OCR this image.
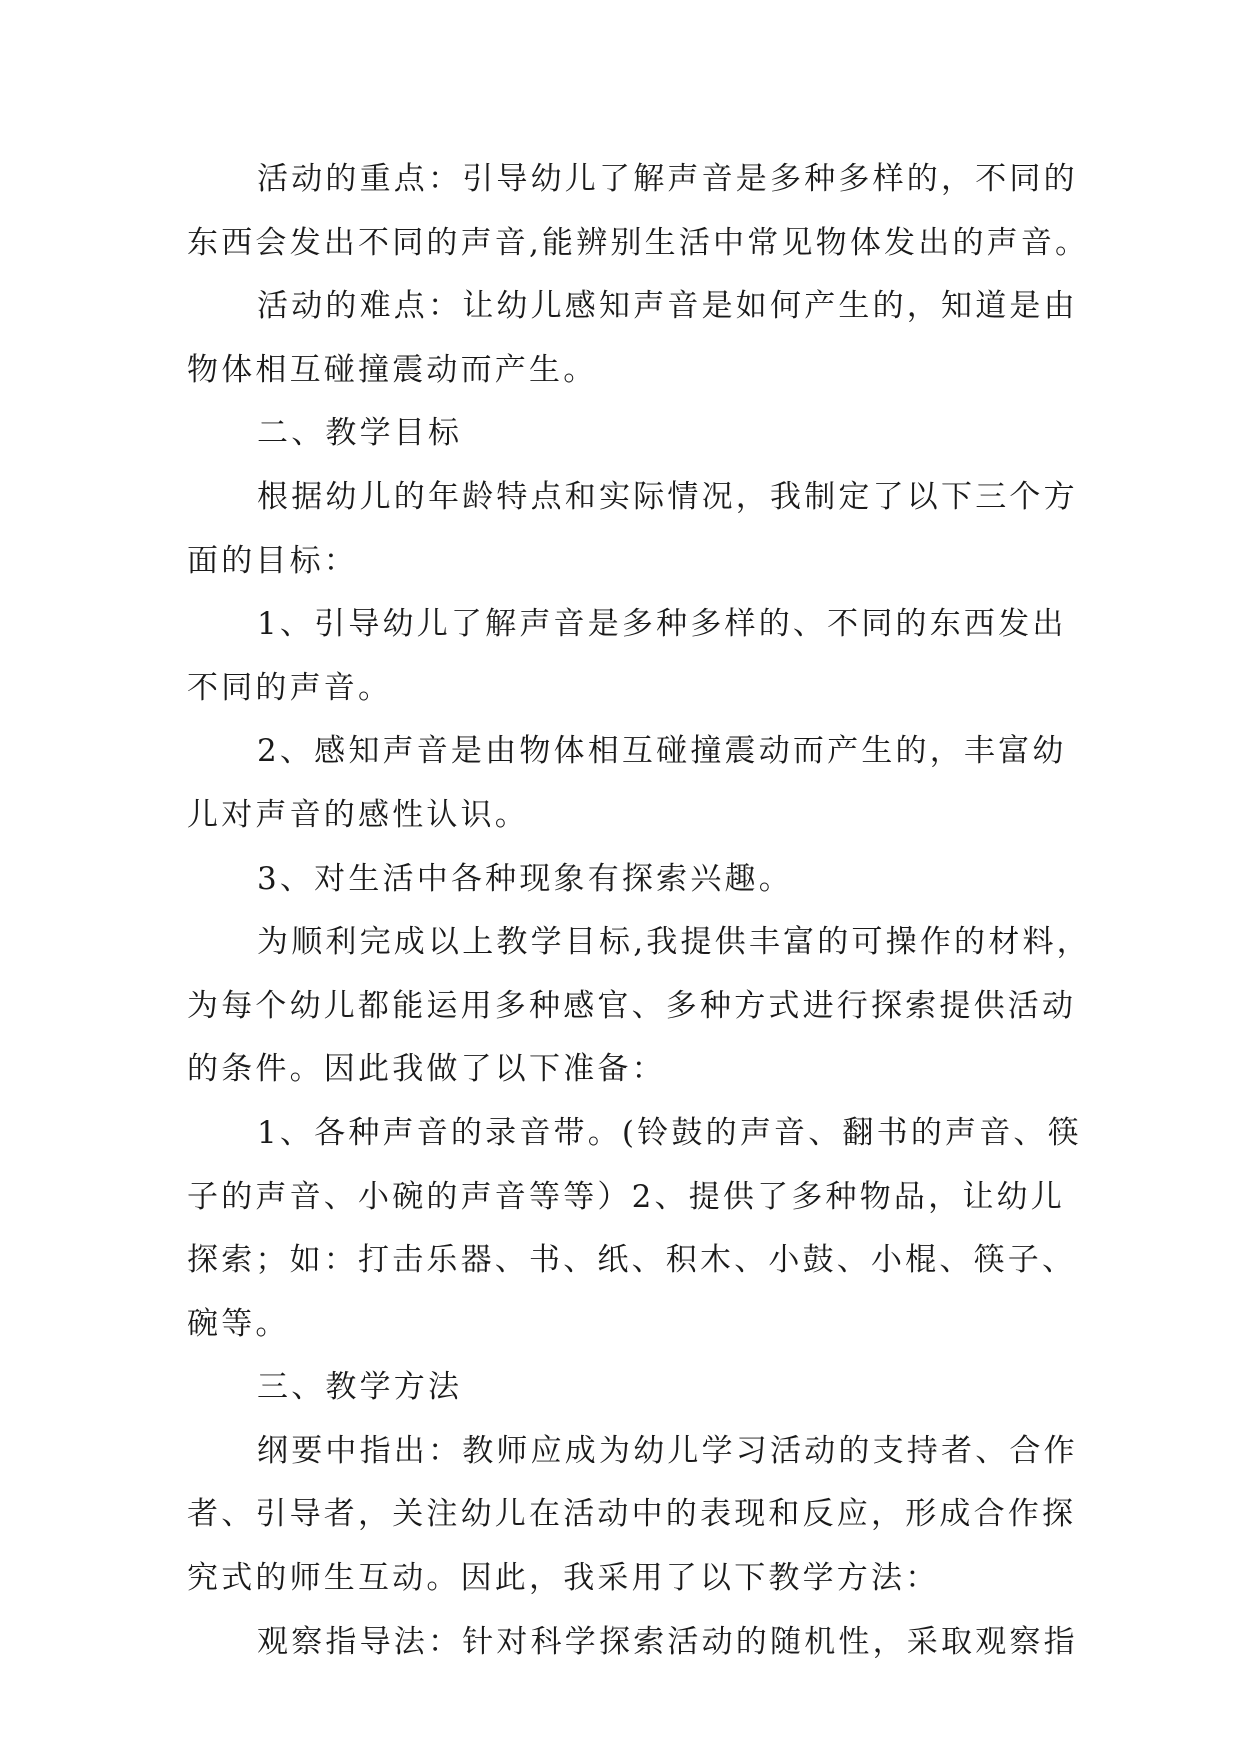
活动的重点：引导幼儿了解声音是多种多样的，不同的
东西会发出不同的声音,能辨别生活中常见物体发出的声音。
活动的难点：让幼儿感知声音是如何产生的，知道是由
物体相互碰撞震动而产生。
二、教学目标
根据幼儿的年龄特点和实际情况，我制定了以下三个方
面的目标：
1、引导幼儿了解声音是多种多样的、不同的东西发出
不同的声音。
2、感知声音是由物体相互碰撞震动而产生的，丰富幼
儿对声音的感性认识。
3、对生活中各种现象有探索兴趣。
为顺利完成以上教学目标,我提供丰富的可操作的材料，
为每个幼儿都能运用多种感官、多种方式进行探索提供活动
的条件。因此我做了以下准备：
1、各种声音的录音带。(铃鼓的声音、翻书的声音、筷
子的声音、小碗的声音等等）2、提供了多种物品，让幼儿
探索；如：打击乐器、书、纸、积木、小鼓、小棍、筷子、
碗等。
三、教学方法
纲要中指出：教师应成为幼儿学习活动的支持者、合作
者、引导者，关注幼儿在活动中的表现和反应，形成合作探
究式的师生互动。因此，我采用了以下教学方法：
观察指导法：针对科学探索活动的随机性，采取观察指
